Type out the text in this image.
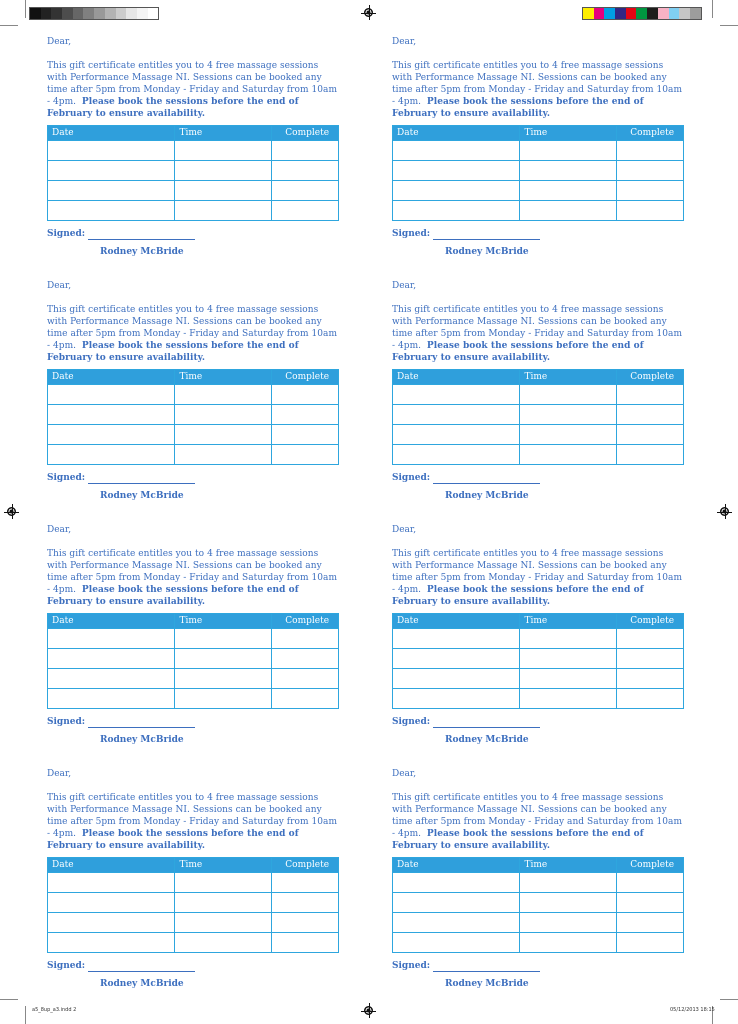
Dear,

This gift certificate entitles you to 4 free massage sessions with Performance Massage NI. Sessions can be booked any time after 5pm from Monday - Friday and Saturday from 10am - 4pm. Please book the sessions before the end of February to ensure availability.

Date	Time	Complete

Signed:
Rodney McBride

Dear,

This gift certificate entitles you to 4 free massage sessions with Performance Massage NI. Sessions can be booked any time after 5pm from Monday - Friday and Saturday from 10am - 4pm. Please book the sessions before the end of February to ensure availability.

Date	Time	Complete

Signed:
Rodney McBride

Dear,

This gift certificate entitles you to 4 free massage sessions with Performance Massage NI. Sessions can be booked any time after 5pm from Monday - Friday and Saturday from 10am - 4pm. Please book the sessions before the end of February to ensure availability.

Date	Time	Complete

Signed:
Rodney McBride

Dear,

This gift certificate entitles you to 4 free massage sessions with Performance Massage NI. Sessions can be booked any time after 5pm from Monday - Friday and Saturday from 10am - 4pm. Please book the sessions before the end of February to ensure availability.

Date	Time	Complete

Signed:
Rodney McBride

Dear,

This gift certificate entitles you to 4 free massage sessions with Performance Massage NI. Sessions can be booked any time after 5pm from Monday - Friday and Saturday from 10am - 4pm. Please book the sessions before the end of February to ensure availability.

Date	Time	Complete

Signed:
Rodney McBride

Dear,

This gift certificate entitles you to 4 free massage sessions with Performance Massage NI. Sessions can be booked any time after 5pm from Monday - Friday and Saturday from 10am - 4pm. Please book the sessions before the end of February to ensure availability.

Date	Time	Complete

Signed:
Rodney McBride

Dear,

This gift certificate entitles you to 4 free massage sessions with Performance Massage NI. Sessions can be booked any time after 5pm from Monday - Friday and Saturday from 10am - 4pm. Please book the sessions before the end of February to ensure availability.

Date	Time	Complete

Signed:
Rodney McBride

Dear,

This gift certificate entitles you to 4 free massage sessions with Performance Massage NI. Sessions can be booked any time after 5pm from Monday - Friday and Saturday from 10am - 4pm. Please book the sessions before the end of February to ensure availability.

Date	Time	Complete

Signed:
Rodney McBride
a5_8up_a3.indd 2	05/12/2013 18:15
